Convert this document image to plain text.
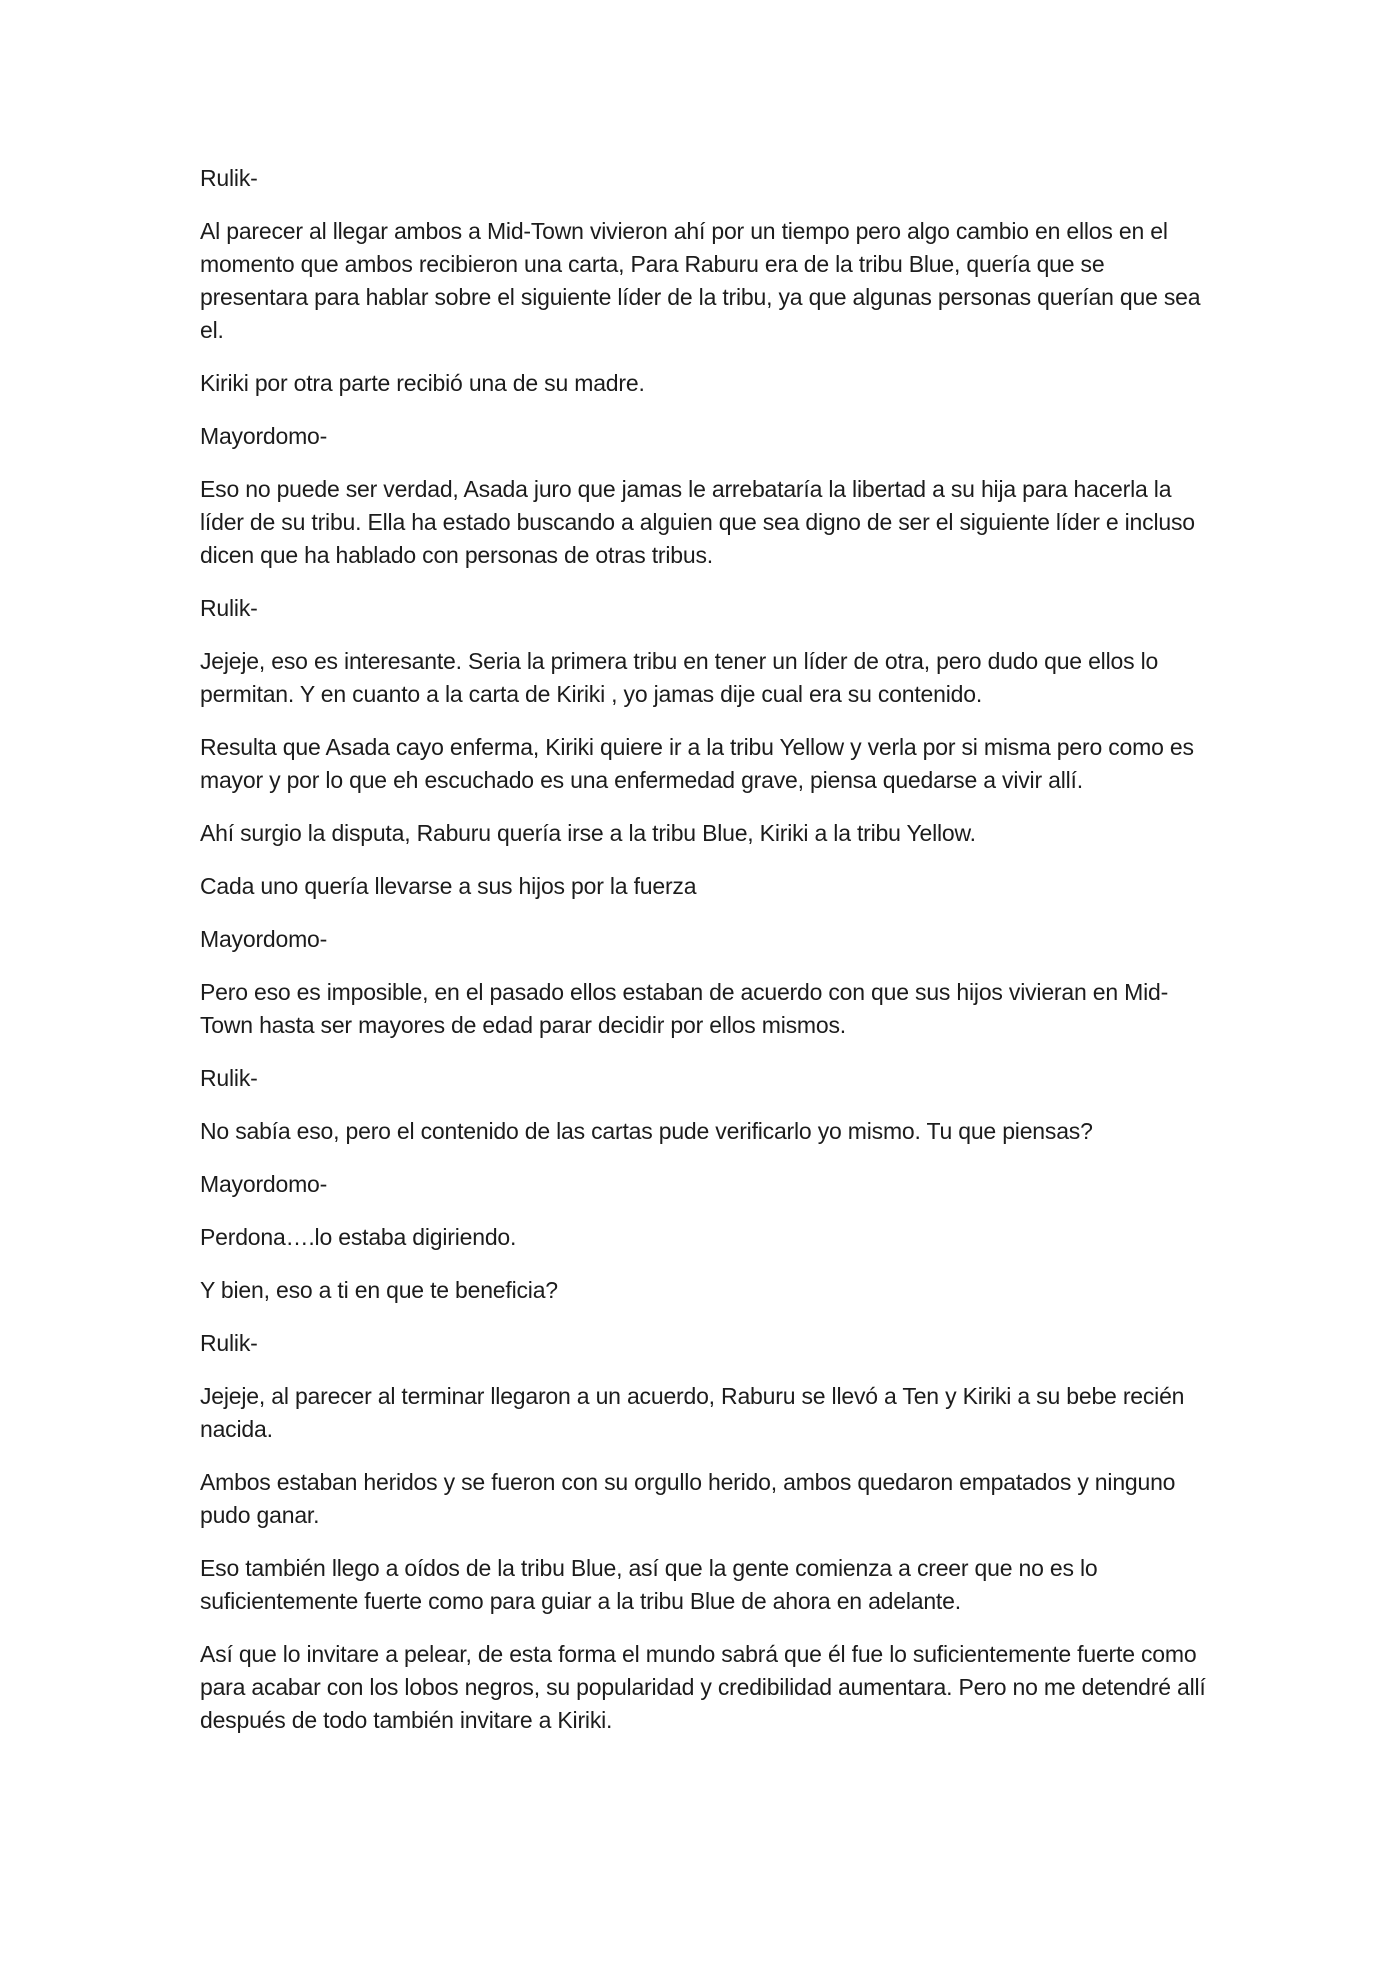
Rulik-

Al parecer al llegar ambos a Mid-Town vivieron ahí por un tiempo pero algo cambio en ellos en el momento que ambos recibieron una carta, Para Raburu era de la tribu Blue, quería que se presentara para hablar sobre el siguiente líder de la tribu, ya que algunas personas querían que sea el.

Kiriki por otra parte recibió una de su madre.

Mayordomo-

Eso no puede ser verdad, Asada juro que jamas le arrebataría la libertad a su hija para hacerla la líder de su tribu. Ella ha estado buscando a alguien que sea digno de ser el siguiente líder e incluso dicen que ha hablado con personas de otras tribus.

Rulik-

Jejeje, eso es interesante. Seria la primera tribu en tener un líder de otra, pero dudo que ellos lo permitan. Y en cuanto a la carta de Kiriki , yo jamas dije cual era su contenido.

Resulta que Asada cayo enferma, Kiriki quiere ir a la tribu Yellow y verla por si misma pero como es mayor y por lo que eh escuchado es una enfermedad grave, piensa quedarse a vivir allí.

Ahí surgio la disputa, Raburu quería irse a la tribu Blue, Kiriki a la tribu Yellow.

Cada uno quería llevarse a sus hijos por la fuerza

Mayordomo-

Pero eso es imposible, en el pasado ellos estaban de acuerdo con que sus hijos vivieran en Mid-Town hasta ser mayores de edad parar decidir por ellos mismos.

Rulik-

No sabía eso, pero el contenido de las cartas pude verificarlo yo mismo. Tu que piensas?

Mayordomo-

Perdona….lo estaba digiriendo.

Y bien, eso a ti en que te beneficia?

Rulik-

Jejeje, al parecer al terminar llegaron a un acuerdo, Raburu se llevó a Ten y Kiriki a su bebe recién nacida.

Ambos estaban heridos y se fueron con su orgullo herido, ambos quedaron empatados y ninguno pudo ganar.

Eso también llego a oídos de la tribu Blue, así que la gente comienza a creer que no es lo suficientemente fuerte como para guiar a la tribu Blue de ahora en adelante.

Así que lo invitare a pelear, de esta forma el mundo sabrá que él fue lo suficientemente fuerte como para acabar con los lobos negros, su popularidad y credibilidad aumentara. Pero no me detendré allí después de todo también invitare a Kiriki.
